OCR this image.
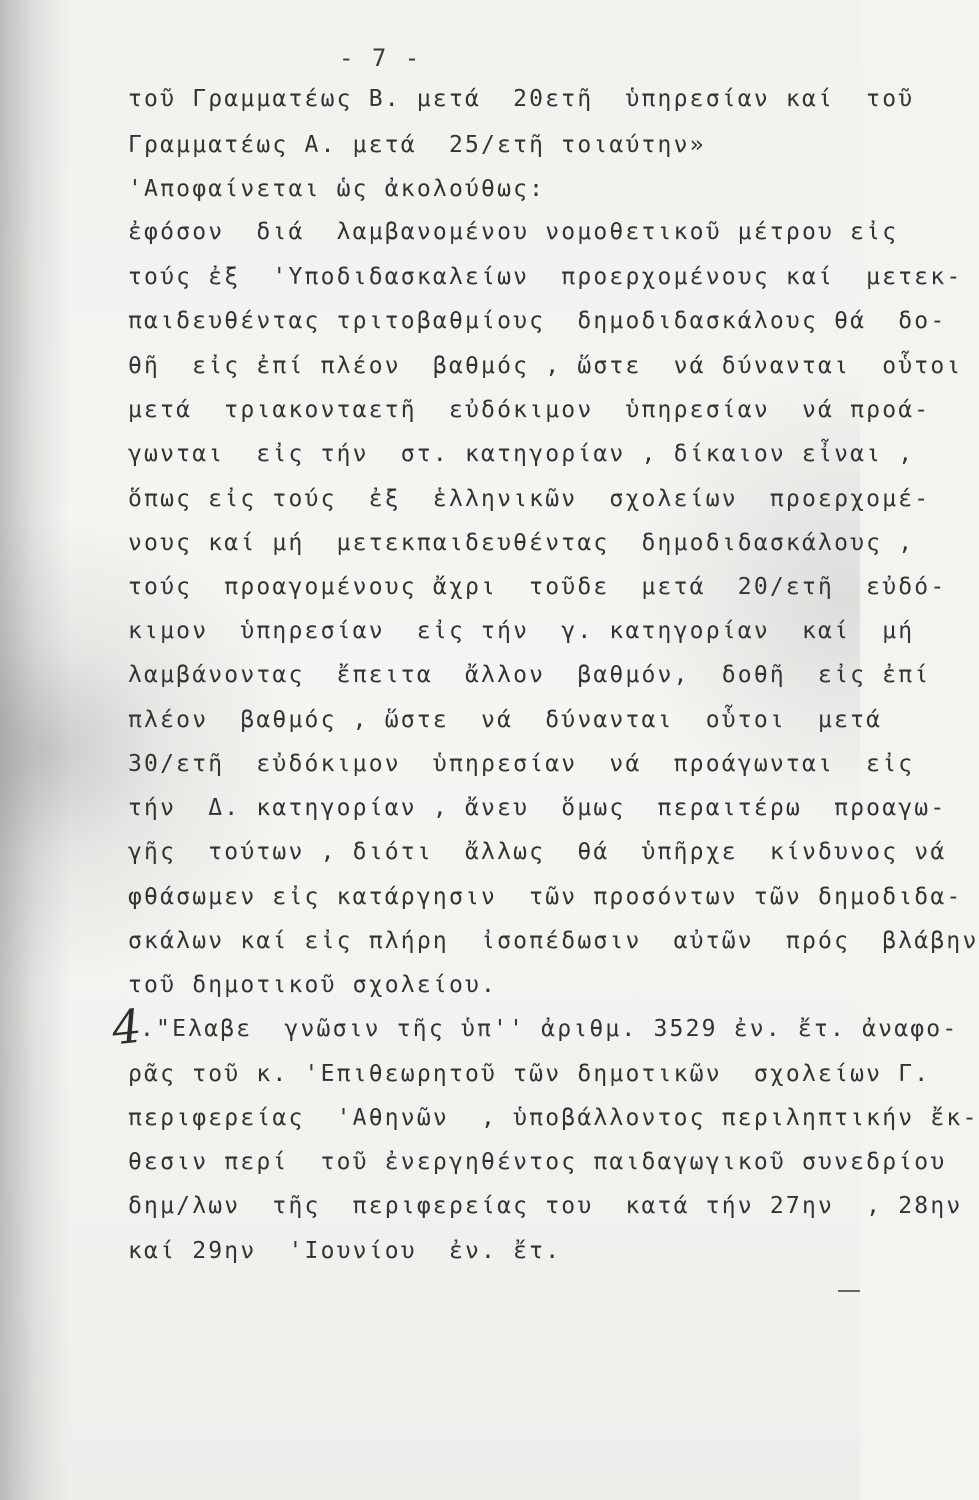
- 7 -
τοῦ Γραμματέως Β. μετά  20ετῆ  ὑπηρεσίαν καί  τοῦ
Γραμματέως Α. μετά  25/ετῆ τοιαύτην»
'Αποφαίνεται ὡς ἀκολούθως:
ἐφόσον  διά  λαμβανομένου νομοθετικοῦ μέτρου εἰς
τούς ἐξ  'Υποδιδασκαλείων  προερχομένους καί  μετεκ-
παιδευθέντας τριτοβαθμίους  δημοδιδασκάλους θά  δο-
θῆ  εἰς ἐπί πλέον  βαθμός , ὥστε  νά δύνανται  οὗτοι
μετά  τριακονταετῆ  εὐδόκιμον  ὑπηρεσίαν  νά προά-
γωνται  εἰς τήν  στ. κατηγορίαν , δίκαιον εἶναι ,
ὅπως εἰς τούς  ἐξ  ἑλληνικῶν  σχολείων  προερχομέ-
νους καί μή  μετεκπαιδευθέντας  δημοδιδασκάλους ,
τούς  προαγομένους ἄχρι  τοῦδε  μετά  20/ετῆ  εὐδό-
κιμον  ὑπηρεσίαν  εἰς τήν  γ. κατηγορίαν  καί  μή
λαμβάνοντας  ἔπειτα  ἄλλον  βαθμόν,  δοθῆ  εἰς ἐπί
πλέον  βαθμός , ὥστε  νά  δύνανται  οὗτοι  μετά
30/ετῆ  εὐδόκιμον  ὑπηρεσίαν  νά  προάγωνται  εἰς
τήν  Δ. κατηγορίαν , ἄνευ  ὅμως  περαιτέρω  προαγω-
γῆς  τούτων , διότι  ἄλλως  θά  ὑπῆρχε  κίνδυνος νά
φθάσωμεν εἰς κατάργησιν  τῶν προσόντων τῶν δημοδιδα-
σκάλων καί εἰς πλήρη  ἰσοπέδωσιν  αὐτῶν  πρός  βλάβην
τοῦ δημοτικοῦ σχολείου.
4
."Ελαβε  γνῶσιν τῆς ὑπ'' ἀριθμ. 3529 ἐν. ἔτ. ἀναφο-
ρᾶς τοῦ κ. 'Επιθεωρητοῦ τῶν δημοτικῶν  σχολείων Γ.
περιφερείας  'Αθηνῶν  , ὑποβάλλοντος περιληπτικήν ἔκ-
θεσιν περί  τοῦ ἐνεργηθέντος παιδαγωγικοῦ συνεδρίου
δημ/λων  τῆς  περιφερείας του  κατά τήν 27ην  , 28ην
καί 29ην  'Ιουνίου  ἐν. ἔτ.
